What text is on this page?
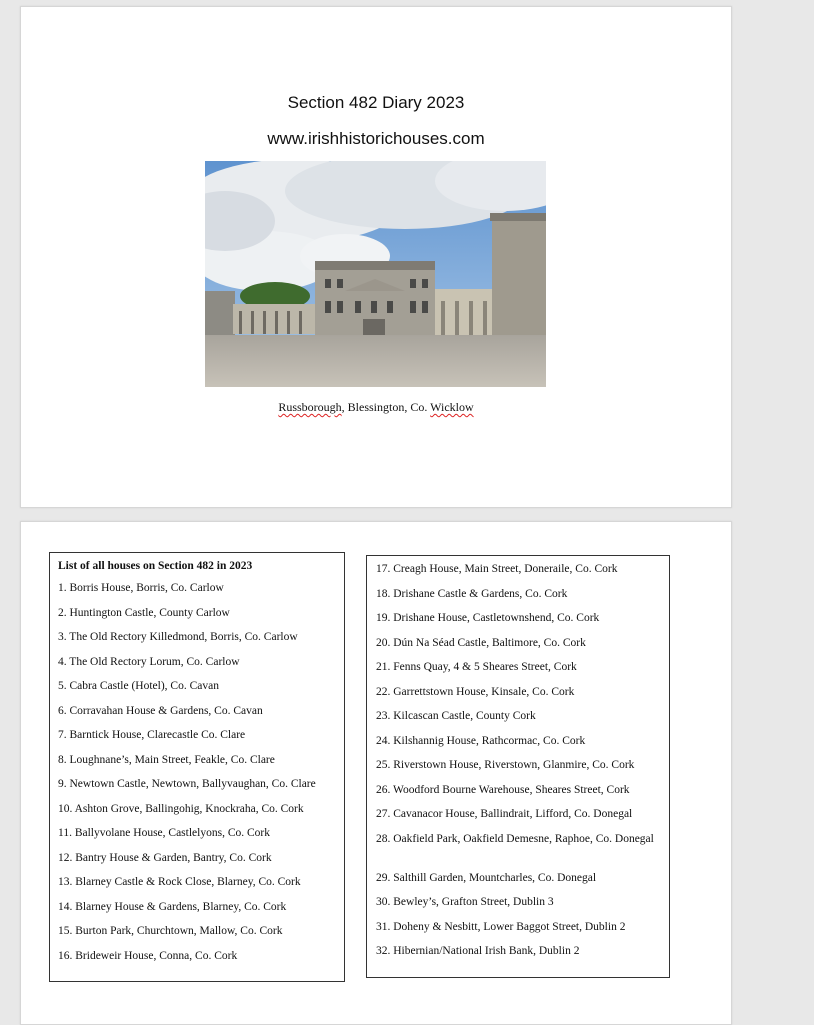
Section 482 Diary 2023
www.irishhistorichouses.com
Russborough, Blessington, Co. Wicklow
List of all houses on Section 482 in 2023
1. Borris House, Borris, Co. Carlow
2. Huntington Castle, County Carlow
3. The Old Rectory Killedmond, Borris, Co. Carlow
4. The Old Rectory Lorum, Co. Carlow
5. Cabra Castle (Hotel), Co. Cavan
6. Corravahan House & Gardens, Co. Cavan
7. Barntick House, Clarecastle Co. Clare
8. Loughnane’s, Main Street, Feakle, Co. Clare
9. Newtown Castle, Newtown, Ballyvaughan, Co. Clare
10. Ashton Grove, Ballingohig, Knockraha, Co. Cork
11. Ballyvolane House, Castlelyons, Co. Cork
12. Bantry House & Garden, Bantry, Co. Cork
13. Blarney Castle & Rock Close, Blarney, Co. Cork
14. Blarney House & Gardens, Blarney, Co. Cork
15. Burton Park, Churchtown, Mallow, Co. Cork
16. Brideweir House, Conna, Co. Cork
17. Creagh House, Main Street, Doneraile, Co. Cork
18. Drishane Castle & Gardens, Co. Cork
19. Drishane House, Castletownshend, Co. Cork
20. Dún Na Séad Castle, Baltimore, Co. Cork
21. Fenns Quay, 4 & 5 Sheares Street, Cork
22. Garrettstown House, Kinsale, Co. Cork
23. Kilcascan Castle, County Cork
24. Kilshannig House, Rathcormac, Co. Cork
25. Riverstown House, Riverstown, Glanmire, Co. Cork
26. Woodford Bourne Warehouse, Sheares Street, Cork
27. Cavanacor House, Ballindrait, Lifford, Co. Donegal
28. Oakfield Park, Oakfield Demesne, Raphoe, Co. Donegal
29. Salthill Garden, Mountcharles, Co. Donegal
30. Bewley’s, Grafton Street, Dublin 3
31. Doheny & Nesbitt, Lower Baggot Street, Dublin 2
32. Hibernian/National Irish Bank, Dublin 2
